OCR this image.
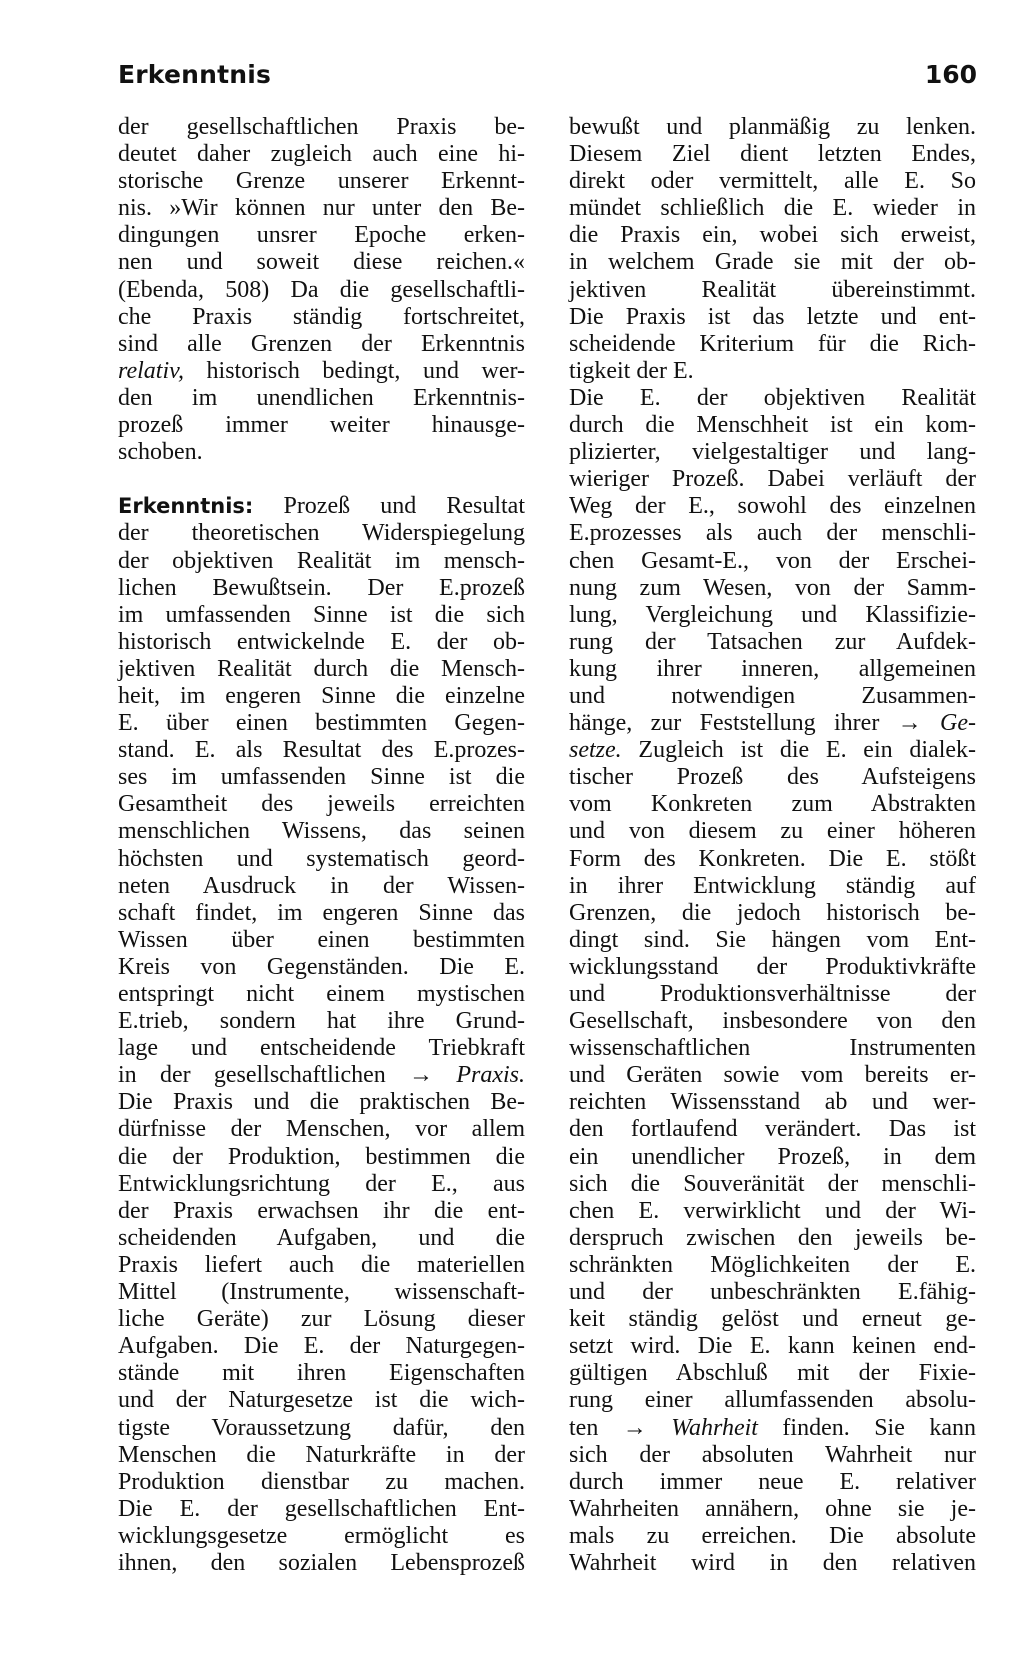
Erkenntnis	160
der gesellschaftlichen Praxis be-
deutet daher zugleich auch eine hi-
storische Grenze unserer Erkennt-
nis. »Wir können nur unter den Be-
dingungen unsrer Epoche erken-
nen und soweit diese reichen.«
(Ebenda, 508) Da die gesellschaftli-
che Praxis ständig fortschreitet,
sind alle Grenzen der Erkenntnis
relativ, historisch bedingt, und wer-
den im unendlichen Erkenntnis-
prozeß immer weiter hinausge-
schoben.
Erkenntnis: Prozeß und Resultat
der theoretischen Widerspiegelung
der objektiven Realität im mensch-
lichen Bewußtsein. Der E.prozeß
im umfassenden Sinne ist die sich
historisch entwickelnde E. der ob-
jektiven Realität durch die Mensch-
heit, im engeren Sinne die einzelne
E. über einen bestimmten Gegen-
stand. E. als Resultat des E.prozes-
ses im umfassenden Sinne ist die
Gesamtheit des jeweils erreichten
menschlichen Wissens, das seinen
höchsten und systematisch geord-
neten Ausdruck in der Wissen-
schaft findet, im engeren Sinne das
Wissen über einen bestimmten
Kreis von Gegenständen. Die E.
entspringt nicht einem mystischen
E.trieb, sondern hat ihre Grund-
lage und entscheidende Triebkraft
in der gesellschaftlichen → Praxis.
Die Praxis und die praktischen Be-
dürfnisse der Menschen, vor allem
die der Produktion, bestimmen die
Entwicklungsrichtung der E., aus
der Praxis erwachsen ihr die ent-
scheidenden Aufgaben, und die
Praxis liefert auch die materiellen
Mittel (Instrumente, wissenschaft-
liche Geräte) zur Lösung dieser
Aufgaben. Die E. der Naturgegen-
stände mit ihren Eigenschaften
und der Naturgesetze ist die wich-
tigste Voraussetzung dafür, den
Menschen die Naturkräfte in der
Produktion dienstbar zu machen.
Die E. der gesellschaftlichen Ent-
wicklungsgesetze ermöglicht es
ihnen, den sozialen Lebensprozeß
bewußt und planmäßig zu lenken.
Diesem Ziel dient letzten Endes,
direkt oder vermittelt, alle E. So
mündet schließlich die E. wieder in
die Praxis ein, wobei sich erweist,
in welchem Grade sie mit der ob-
jektiven Realität übereinstimmt.
Die Praxis ist das letzte und ent-
scheidende Kriterium für die Rich-
tigkeit der E.
Die E. der objektiven Realität
durch die Menschheit ist ein kom-
plizierter, vielgestaltiger und lang-
wieriger Prozeß. Dabei verläuft der
Weg der E., sowohl des einzelnen
E.prozesses als auch der menschli-
chen Gesamt-E., von der Erschei-
nung zum Wesen, von der Samm-
lung, Vergleichung und Klassifizie-
rung der Tatsachen zur Aufdek-
kung ihrer inneren, allgemeinen
und notwendigen Zusammen-
hänge, zur Feststellung ihrer → Ge-
setze. Zugleich ist die E. ein dialek-
tischer Prozeß des Aufsteigens
vom Konkreten zum Abstrakten
und von diesem zu einer höheren
Form des Konkreten. Die E. stößt
in ihrer Entwicklung ständig auf
Grenzen, die jedoch historisch be-
dingt sind. Sie hängen vom Ent-
wicklungsstand der Produktivkräfte
und Produktionsverhältnisse der
Gesellschaft, insbesondere von den
wissenschaftlichen Instrumenten
und Geräten sowie vom bereits er-
reichten Wissensstand ab und wer-
den fortlaufend verändert. Das ist
ein unendlicher Prozeß, in dem
sich die Souveränität der menschli-
chen E. verwirklicht und der Wi-
derspruch zwischen den jeweils be-
schränkten Möglichkeiten der E.
und der unbeschränkten E.fähig-
keit ständig gelöst und erneut ge-
setzt wird. Die E. kann keinen end-
gültigen Abschluß mit der Fixie-
rung einer allumfassenden absolu-
ten → Wahrheit finden. Sie kann
sich der absoluten Wahrheit nur
durch immer neue E. relativer
Wahrheiten annähern, ohne sie je-
mals zu erreichen. Die absolute
Wahrheit wird in den relativen
